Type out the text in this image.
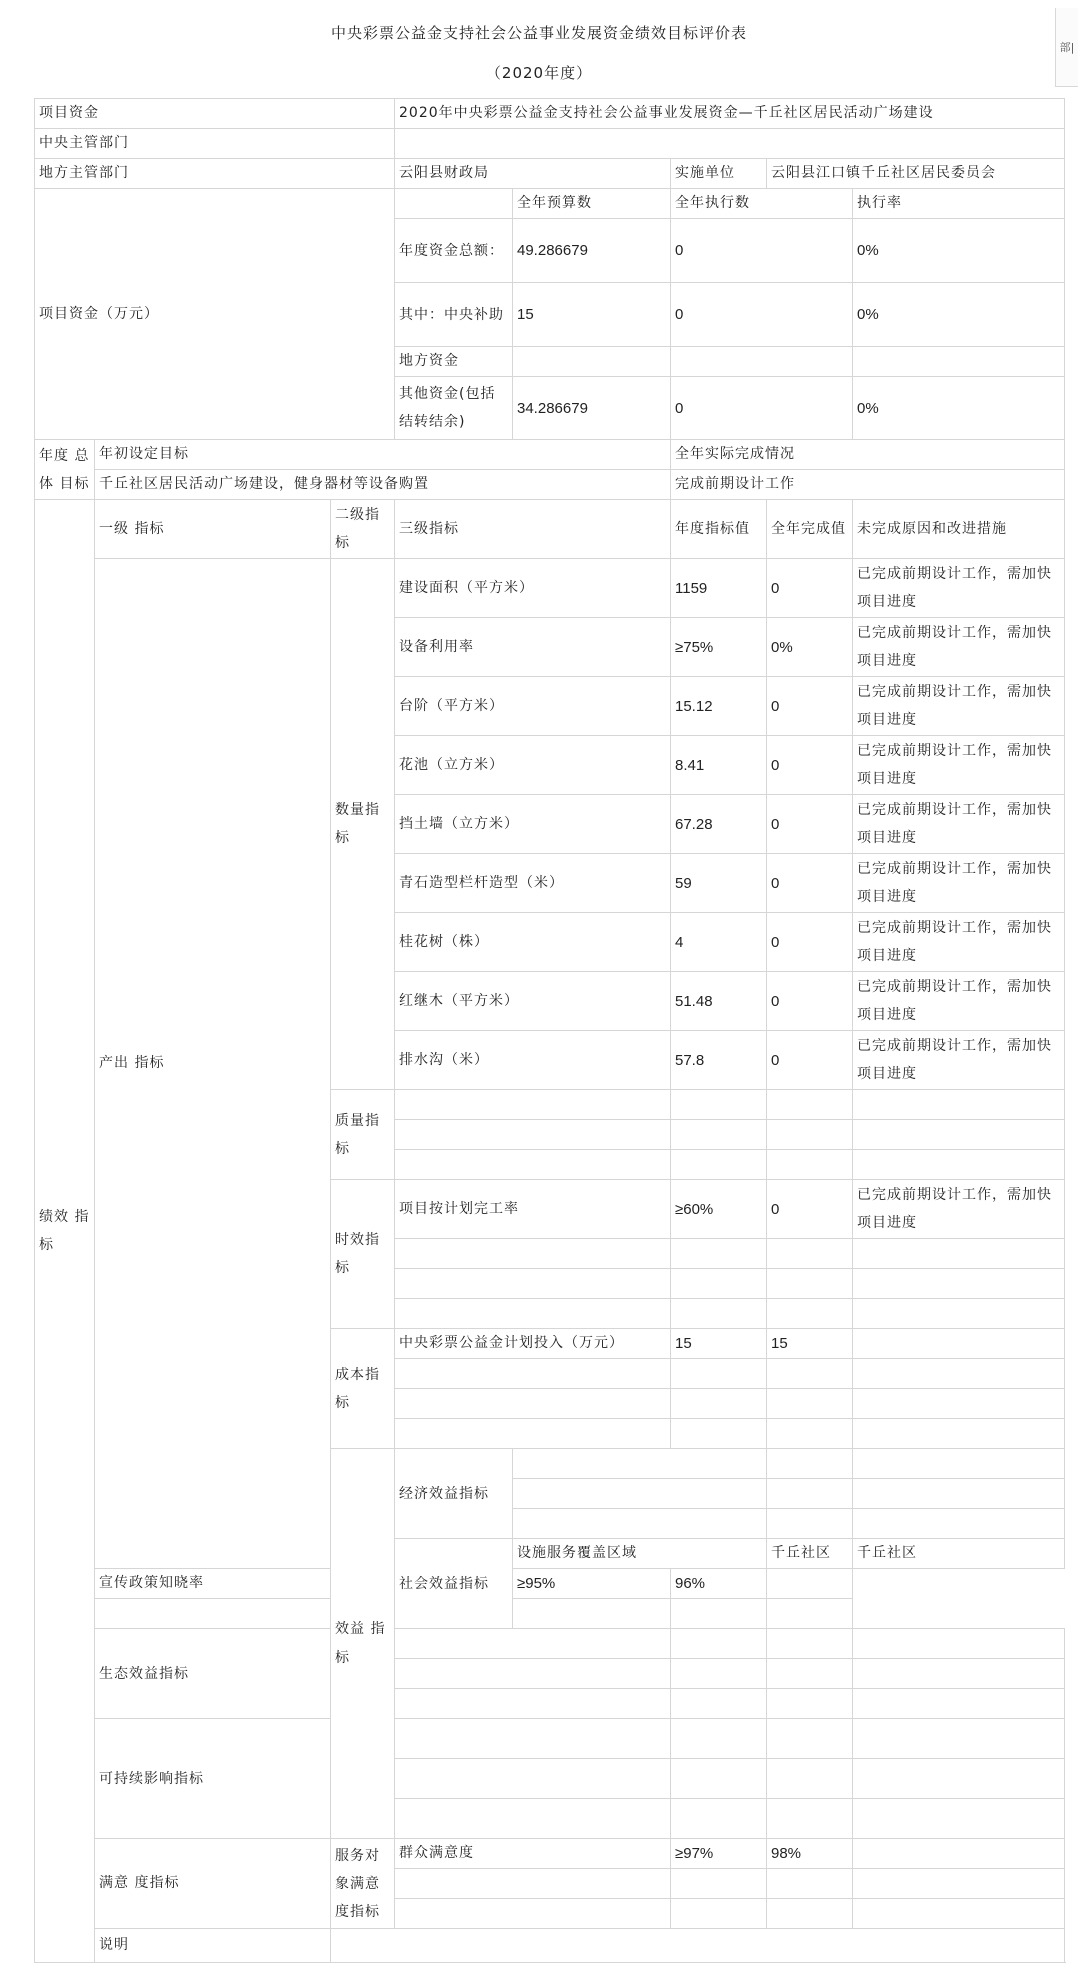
中央彩票公益金支持社会公益事业发展资金绩效目标评价表
（2020年度）
部|
项目资金			2020年中央彩票公益金支持社会公益事业发展资金—千丘社区居民活动广场建设					
中央主管部门								
地方主管部门			云阳县财政局		实施单位	云阳县江口镇千丘社区居民委员会		
项目资金（万元）				全年预算数	全年执行数		执行率	
			年度资金总额：	49.286679	0		0%	
			其中：中央补助	15	0		0%	
			地方资金					
			其他资金(包括结转结余)	34.286679	0		0%	
年度 总体 目标	年初设定目标				全年实际完成情况			
	千丘社区居民活动广场建设，健身器材等设备购置				完成前期设计工作			
绩效 指标	一级 指标	二级指标	三级指标		年度指标值	全年完成值	未完成原因和改进措施	
	产出 指标	数量指标	建设面积（平方米）		1159	0	已完成前期设计工作，需加快项目进度	
			设备利用率		≥75%	0%	已完成前期设计工作，需加快项目进度	
			台阶（平方米）		15.12	0	已完成前期设计工作，需加快项目进度	
			花池（立方米）		8.41	0	已完成前期设计工作，需加快项目进度	
			挡土墙（立方米）		67.28	0	已完成前期设计工作，需加快项目进度	
			青石造型栏杆造型（米）		59	0	已完成前期设计工作，需加快项目进度	
			桂花树（株）		4	0	已完成前期设计工作，需加快项目进度	
			红继木（平方米）		51.48	0	已完成前期设计工作，需加快项目进度	
			排水沟（米）		57.8	0	已完成前期设计工作，需加快项目进度	
		质量指标						

		时效指标	项目按计划完工率		≥60%	0	已完成前期设计工作，需加快项目进度	

		成本指标	中央彩票公益金计划投入（万元）		15	15		

		效益 指标	经济效益指标					

			社会效益指标	设施服务覆盖区域		千丘社区	千丘社区	
	宣传政策知晓率			≥95%	96%			

	生态效益指标							

	可持续影响指标							

	满意 度指标	服务对象满意度指标	群众满意度		≥97%	98%		

	说明							
